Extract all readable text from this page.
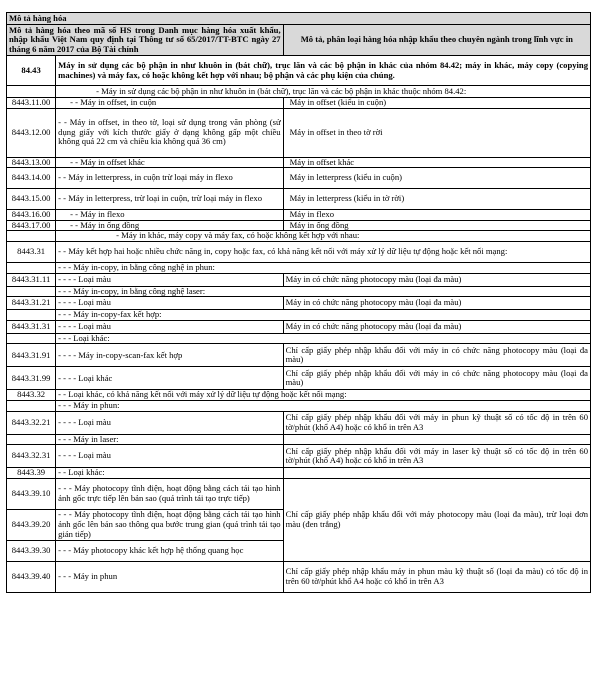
Mô tả hàng hóa		
Mô tả hàng hóa theo mã số HS trong Danh mục hàng hóa xuất khẩu, nhập khẩu Việt Nam quy định tại Thông tư số 65/2017/TT-BTC ngày 27 tháng 6 năm 2017 của Bộ Tài chính		Mô tả, phân loại hàng hóa nhập khẩu theo chuyên ngành trong lĩnh vực in
84.43	Máy in sử dụng các bộ phận in như khuôn in (bát chữ), trục lăn và các bộ phận in khác của nhóm 84.42; máy in khác, máy copy (copying machines) và máy fax, có hoặc không kết hợp với nhau; bộ phận và các phụ kiện của chúng.	
	- Máy in sử dụng các bộ phận in như khuôn in (bát chữ), trục lăn và các bộ phận in khác thuộc nhóm 84.42:	
8443.11.00	- - Máy in offset, in cuộn	Máy in offset (kiểu in cuộn)
8443.12.00	- - Máy in offset, in theo tờ, loại sử dụng trong văn phòng (sử dụng giấy với kích thước giấy ở dạng không gấp một chiều không quá 22 cm và chiều kia không quá 36 cm)	Máy in offset in theo tờ rời
8443.13.00	- - Máy in offset khác	Máy in offset khác
8443.14.00	- - Máy in letterpress, in cuộn trừ loại máy in flexo	Máy in letterpress (kiểu in cuộn)
8443.15.00	- - Máy in letterpress, trừ loại in cuộn, trừ loại máy in flexo	Máy in letterpress (kiểu in tờ rời)
8443.16.00	- - Máy in flexo	Máy in flexo
8443.17.00	- - Máy in ống đồng	Máy in ống đồng
	- Máy in khác, máy copy và máy fax, có hoặc không kết hợp với nhau:	
8443.31	- - Máy kết hợp hai hoặc nhiều chức năng in, copy hoặc fax, có khả năng kết nối với máy xử lý dữ liệu tự động hoặc kết nối mạng:	
	- - - Máy in-copy, in bằng công nghệ in phun:	
8443.31.11	- - - - Loại màu	Máy in có chức năng photocopy màu (loại đa màu)
	- - - Máy in-copy, in bằng công nghệ laser:	
8443.31.21	- - - - Loại màu	Máy in có chức năng photocopy màu (loại đa màu)
	- - - Máy in-copy-fax kết hợp:	
8443.31.31	- - - - Loại màu	Máy in có chức năng photocopy màu (loại đa màu)
	- - - Loại khác:	
8443.31.91	- - - - Máy in-copy-scan-fax kết hợp	Chỉ cấp giấy phép nhập khẩu đối với máy in có chức năng photocopy màu (loại đa màu)
8443.31.99	- - - - Loại khác	Chỉ cấp giấy phép nhập khẩu đối với máy in có chức năng photocopy màu (loại đa màu)
8443.32	- - Loại khác, có khả năng kết nối với máy xử lý dữ liệu tự động hoặc kết nối mạng:	
	- - - Máy in phun:	
8443.32.21	- - - - Loại màu	Chỉ cấp giấy phép nhập khẩu đối với máy in phun kỹ thuật số có tốc độ in trên 60 tờ/phút (khổ A4) hoặc có khổ in trên A3
	- - - Máy in laser:	
8443.32.31	- - - - Loại màu	Chỉ cấp giấy phép nhập khẩu đối với máy in laser kỹ thuật số có tốc độ in trên 60 tờ/phút (khổ A4) hoặc có khổ in trên A3
8443.39	- - Loại khác:	
8443.39.10	- - - Máy photocopy tĩnh điện, hoạt động bằng cách tái tạo hình ảnh gốc trực tiếp lên bản sao (quá trình tái tạo trực tiếp)	Chỉ cấp giấy phép nhập khẩu đối với máy photocopy màu (loại đa màu), trừ loại đơn màu (đen trắng)
8443.39.20	- - - Máy photocopy tĩnh điện, hoạt động bằng cách tái tạo hình ảnh gốc lên bản sao thông qua bước trung gian (quá trình tái tạo gián tiếp)	
8443.39.30	- - - Máy photocopy khác kết hợp hệ thống quang học	
8443.39.40	- - - Máy in phun	Chỉ cấp giấy phép nhập khẩu máy in phun màu kỹ thuật số (loại đa màu) có tốc độ in trên 60 tờ/phút khổ A4 hoặc có khổ in trên A3
